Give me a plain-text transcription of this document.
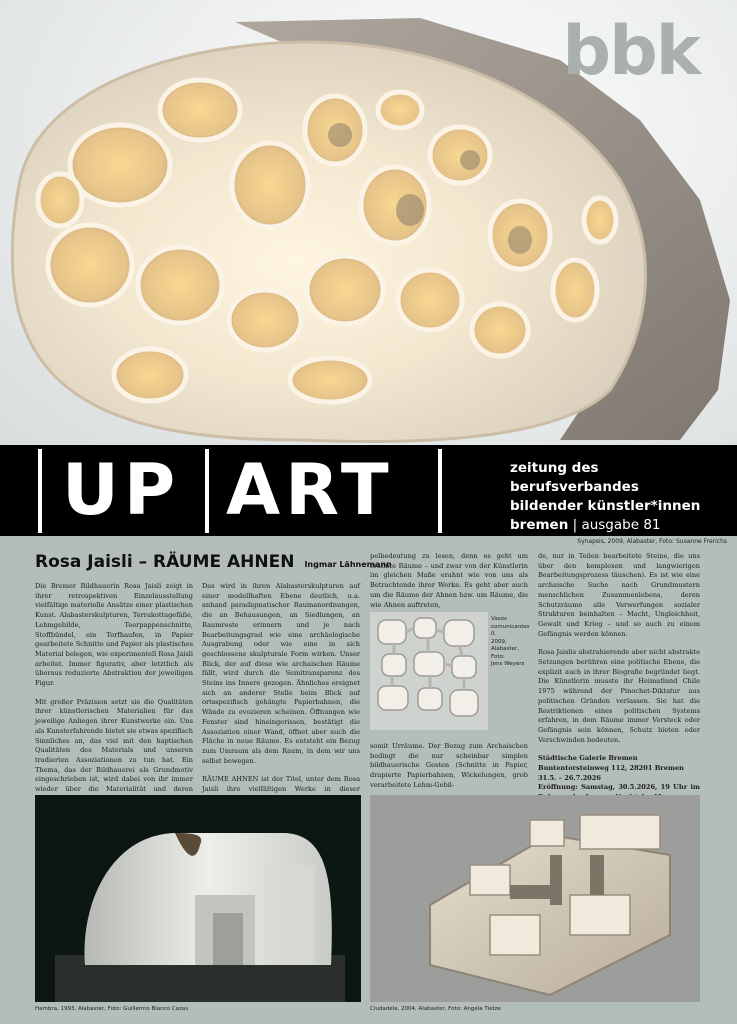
bbk
UP ART	zeitung des berufsverbandes
bildender künstler*innen
bremen | ausgabe 81
Synapsis, 2009, Alabaster, Foto: Susanne Frerichs
Rosa Jaisli – RÄUME AHNEN Ingmar Lähnemann

Die Bremer Bildhauerin Rosa Jaisli zeigt in ihrer retrospektiven Einzelausstellung vielfältige materielle Ansätze einer plastischen Kunst. Alabasterskulpturen, Terrakottagefäße, Lehmgebilde, Teerpappenschnitte, Stoffbündel, ein Torfhaufen, in Papier gearbeitete Schnitte und Papier als plastisches Material belegen, wie experimentell Rosa Jaisli arbeitet. Immer figurativ, aber letztlich als überaus reduzierte Abstraktion der jeweiligen Figur.

Mit großer Präzision setzt sie die Qualitäten ihrer künstlerischen Materialien für das jeweilige Anliegen ihrer Kunstwerke ein. Uns als Kunsterfahrende bietet sie etwas spezifisch Sinnliches an, das viel mit den haptischen Qualitäten des Materials und unseren tradierten Assoziationen zu tun hat. Ein Thema, das der Bildhauerei als Grundmotiv eingeschrieben ist, wird dabei von ihr immer wieder über die Materialität und deren

Das wird in ihren Alabasterskulpturen auf einer modellhaften Ebene deutlich, u.a. anhand paradigmatischer Raumanordnungen, die an Behausungen, an Siedlungen, an Raumreste erinnern und je nach Bearbeitungsgrad wie eine archäologische Ausgrabung oder wie eine in sich geschlossene skulpturale Form wirken. Unser Blick, der auf diese wie archaischen Räume fällt, wird durch die Semitransparenz des Steins ins Innere gezogen. Ähnliches ereignet sich an anderer Stelle beim Blick auf ortsspezifisch gehängte Papierbahnen, die Wände zu evozieren scheinen. Öffnungen wie Fenster sind hineingerissen, bestätigt die Assoziation einer Wand, öffnet aber auch die Fläche in neue Räume. Es entsteht ein Bezug zum Umraum als dem Raum, in dem wir uns selbst bewegen.

RÄUME AHNEN ist der Titel, unter dem Rosa Jaisli ihre vielfältigen Werke in dieser

pelbedeutung zu lesen, denn es geht um erahnte Räume – und zwar von der Künstlerin im gleichen Maße erahnt wie von uns als Betrachtende ihrer Werke. Es geht aber auch um die Räume der Ahnen bzw. um Räume, die wie Ahnen auftreten,

Vasos
comunicantes II,
2009,
Alabaster,
Foto:
Jens Weyers

somit Urräume. Der Bezug zum Archaischen bedingt die nur scheinbar simplen bildhauerische Gesten (Schnitte in Papier, drapierte Papierbahnen, Wickelungen, grob verarbeitete Lehm-Gebil-

de, nur in Teilen bearbeitete Steine, die uns über den komplexen und langwierigen Bearbeitungsprozess täuschen). Es ist wie eine archaische Suche nach Grundmustern menschlichen Zusammenlebens, deren Schutzräume alle Verwerfungen sozialer Strukturen beinhalten – Macht, Ungleichheit, Gewalt und Krieg – und so auch zu einem Gefängnis werden können.

Rosa Jaislis abstrahierende aber nicht abstrakte Setzungen berühren eine politische Ebene, die explizit auch in ihrer Biografie begründet liegt. Die Künstlerin musste ihr Heimatland Chile 1975 während der Pinochet-Diktatur aus politischen Gründen verlassen. Sie hat die Restriktionen eines politischen Systems erfahren, in dem Räume immer Versteck oder Gefängnis sein können, Schutz bieten oder Verschwinden bedeuten.

Städtische Galerie Bremen
Buntentorsteinweg 112, 28201 Bremen
31.5. – 26.7.2026
Eröffnung: Samstag, 30.5.2026, 19 Uhr im
Hambra, 1993, Alabaster, Foto: Guillermo Blanco Cazas	Ciudadela, 2004, Alabaster, Foto: Angela Tietze
